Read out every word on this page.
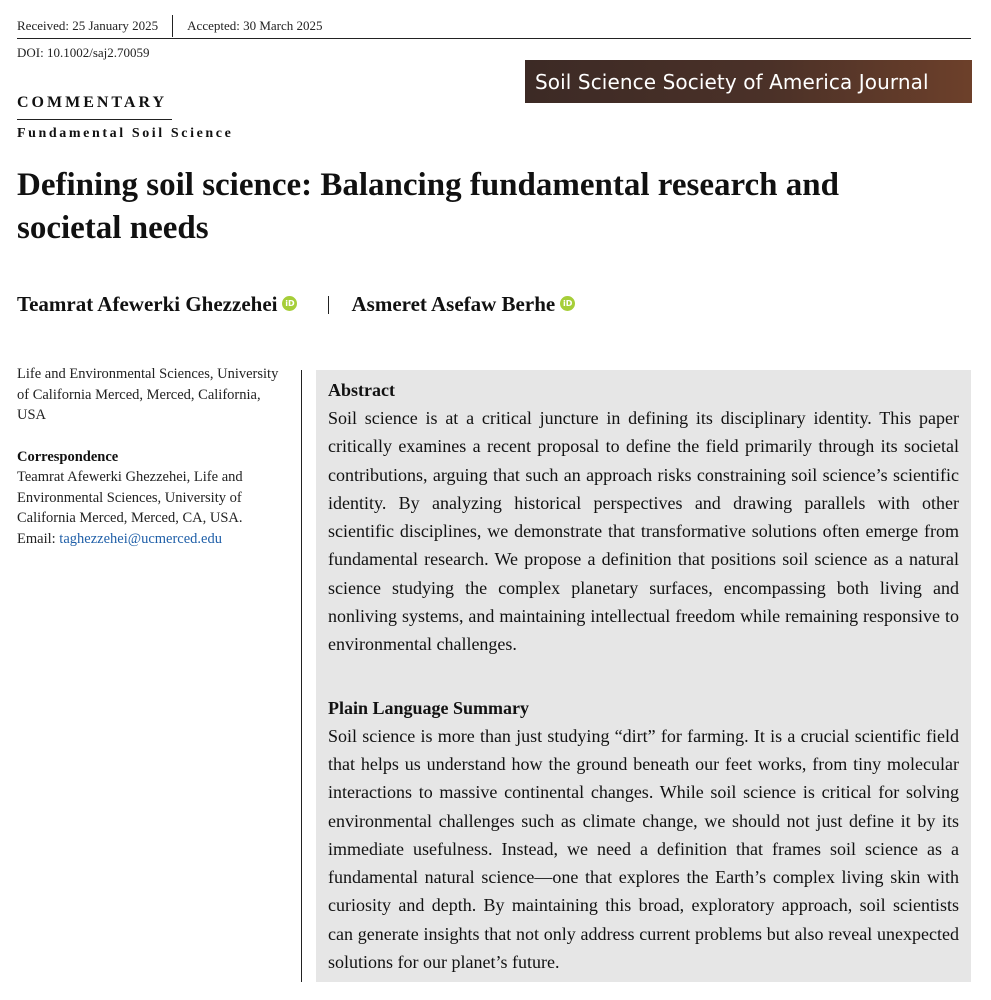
Received: 25 January 2025 Accepted: 30 March 2025
DOI: 10.1002/saj2.70059
Soil Science Society of America Journal
COMMENTARY
Fundamental Soil Science
Defining soil science: Balancing fundamental research and societal needs
Teamrat Afewerki Ghezzehei iD	Asmeret Asefaw Berhe iD

Life and Environmental Sciences, University of California Merced, Merced, California, USA

Correspondence

Teamrat Afewerki Ghezzehei, Life and Environmental Sciences, University of California Merced, Merced, CA, USA.

Email: taghezzehei@ucmerced.edu

Abstract

Soil science is at a critical juncture in defining its disciplinary identity. This paper critically examines a recent proposal to define the field primarily through its societal contributions, arguing that such an approach risks constraining soil science’s scientific identity. By analyzing historical perspectives and drawing parallels with other scientific disciplines, we demonstrate that transformative solutions often emerge from fundamental research. We propose a definition that positions soil science as a natural science studying the complex planetary surfaces, encompassing both living and nonliving systems, and maintaining intellectual freedom while remaining responsive to environmental challenges.

Plain Language Summary

Soil science is more than just studying “dirt” for farming. It is a crucial scientific field that helps us understand how the ground beneath our feet works, from tiny molecular interactions to massive continental changes. While soil science is critical for solving environmental challenges such as climate change, we should not just define it by its immediate usefulness. Instead, we need a definition that frames soil science as a fundamental natural science—one that explores the Earth’s complex living skin with curiosity and depth. By maintaining this broad, exploratory approach, soil scientists can generate insights that not only address current problems but also reveal unexpected solutions for our planet’s future.
